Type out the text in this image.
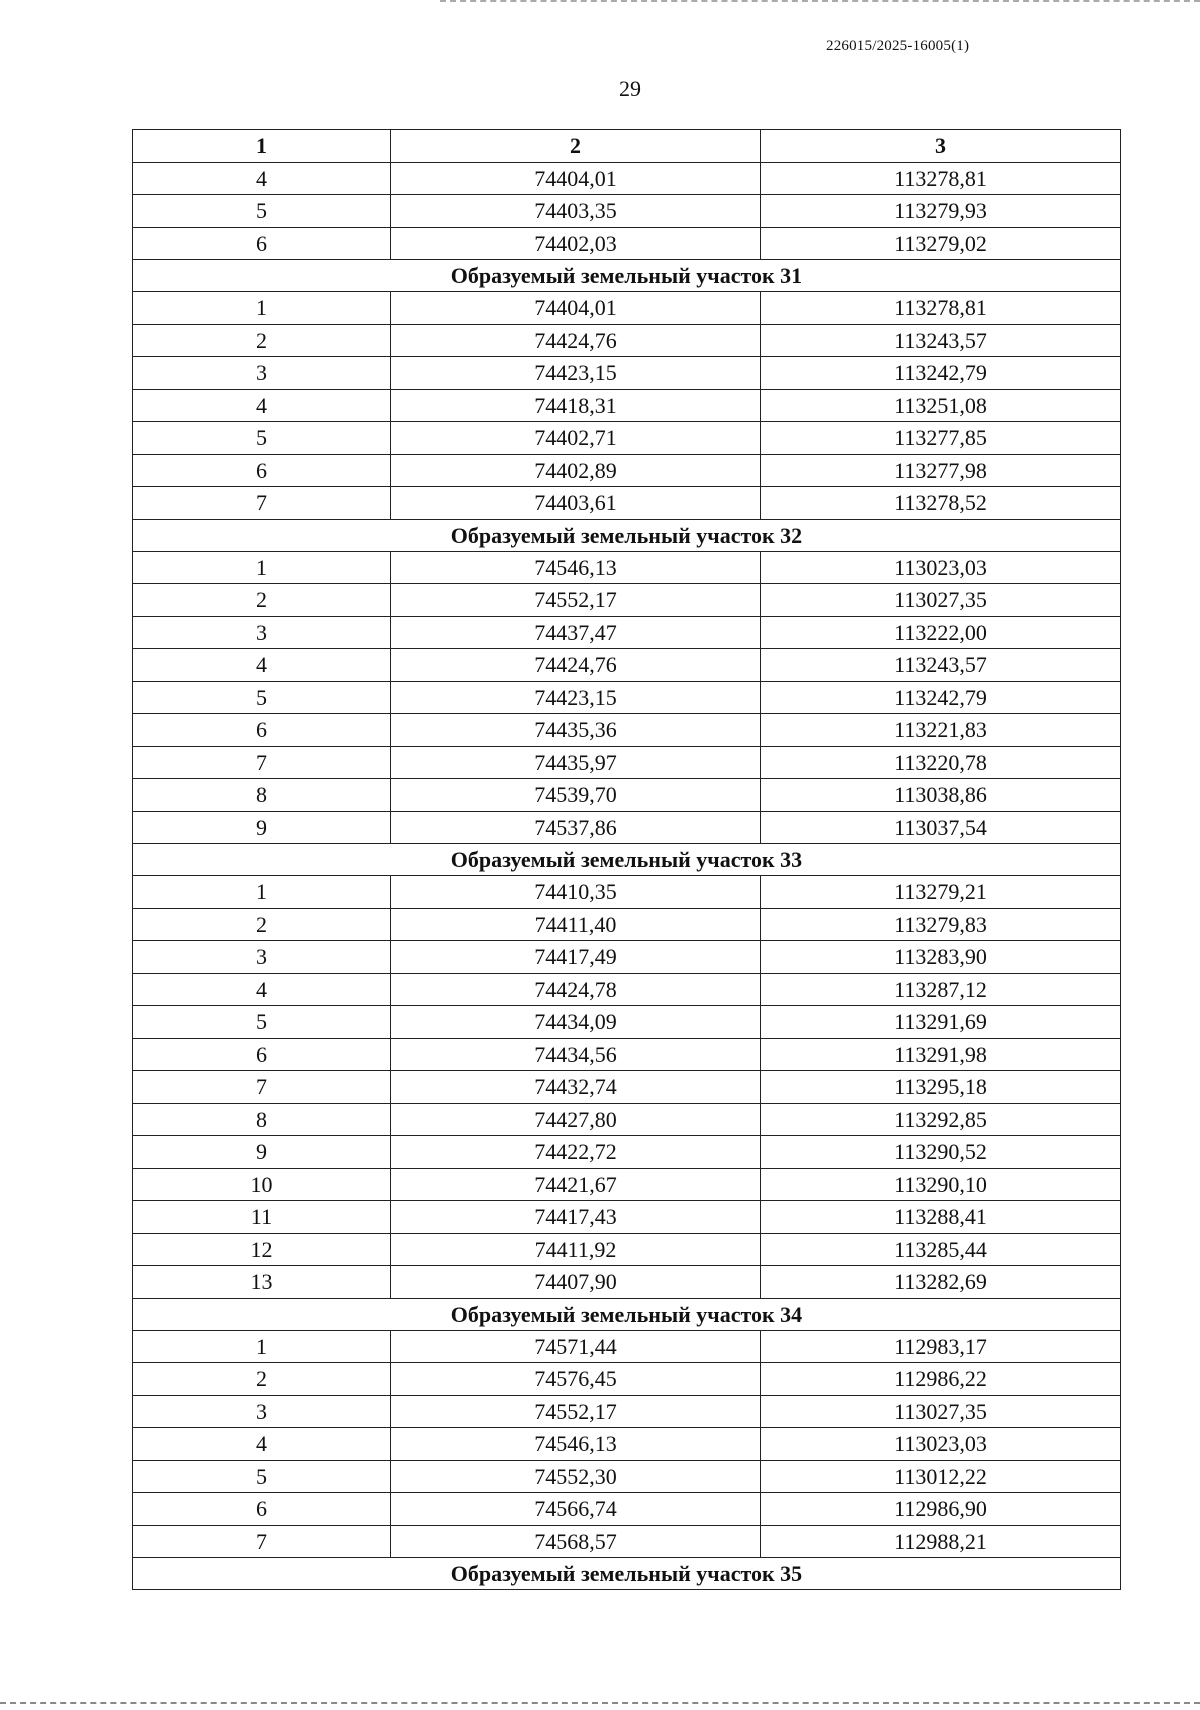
226015/2025-16005(1)
29
1	2	3
4	74404,01	113278,81
5	74403,35	113279,93
6	74402,03	113279,02
Образуемый земельный участок 31		
1	74404,01	113278,81
2	74424,76	113243,57
3	74423,15	113242,79
4	74418,31	113251,08
5	74402,71	113277,85
6	74402,89	113277,98
7	74403,61	113278,52
Образуемый земельный участок 32		
1	74546,13	113023,03
2	74552,17	113027,35
3	74437,47	113222,00
4	74424,76	113243,57
5	74423,15	113242,79
6	74435,36	113221,83
7	74435,97	113220,78
8	74539,70	113038,86
9	74537,86	113037,54
Образуемый земельный участок 33		
1	74410,35	113279,21
2	74411,40	113279,83
3	74417,49	113283,90
4	74424,78	113287,12
5	74434,09	113291,69
6	74434,56	113291,98
7	74432,74	113295,18
8	74427,80	113292,85
9	74422,72	113290,52
10	74421,67	113290,10
11	74417,43	113288,41
12	74411,92	113285,44
13	74407,90	113282,69
Образуемый земельный участок 34		
1	74571,44	112983,17
2	74576,45	112986,22
3	74552,17	113027,35
4	74546,13	113023,03
5	74552,30	113012,22
6	74566,74	112986,90
7	74568,57	112988,21
Образуемый земельный участок 35		
